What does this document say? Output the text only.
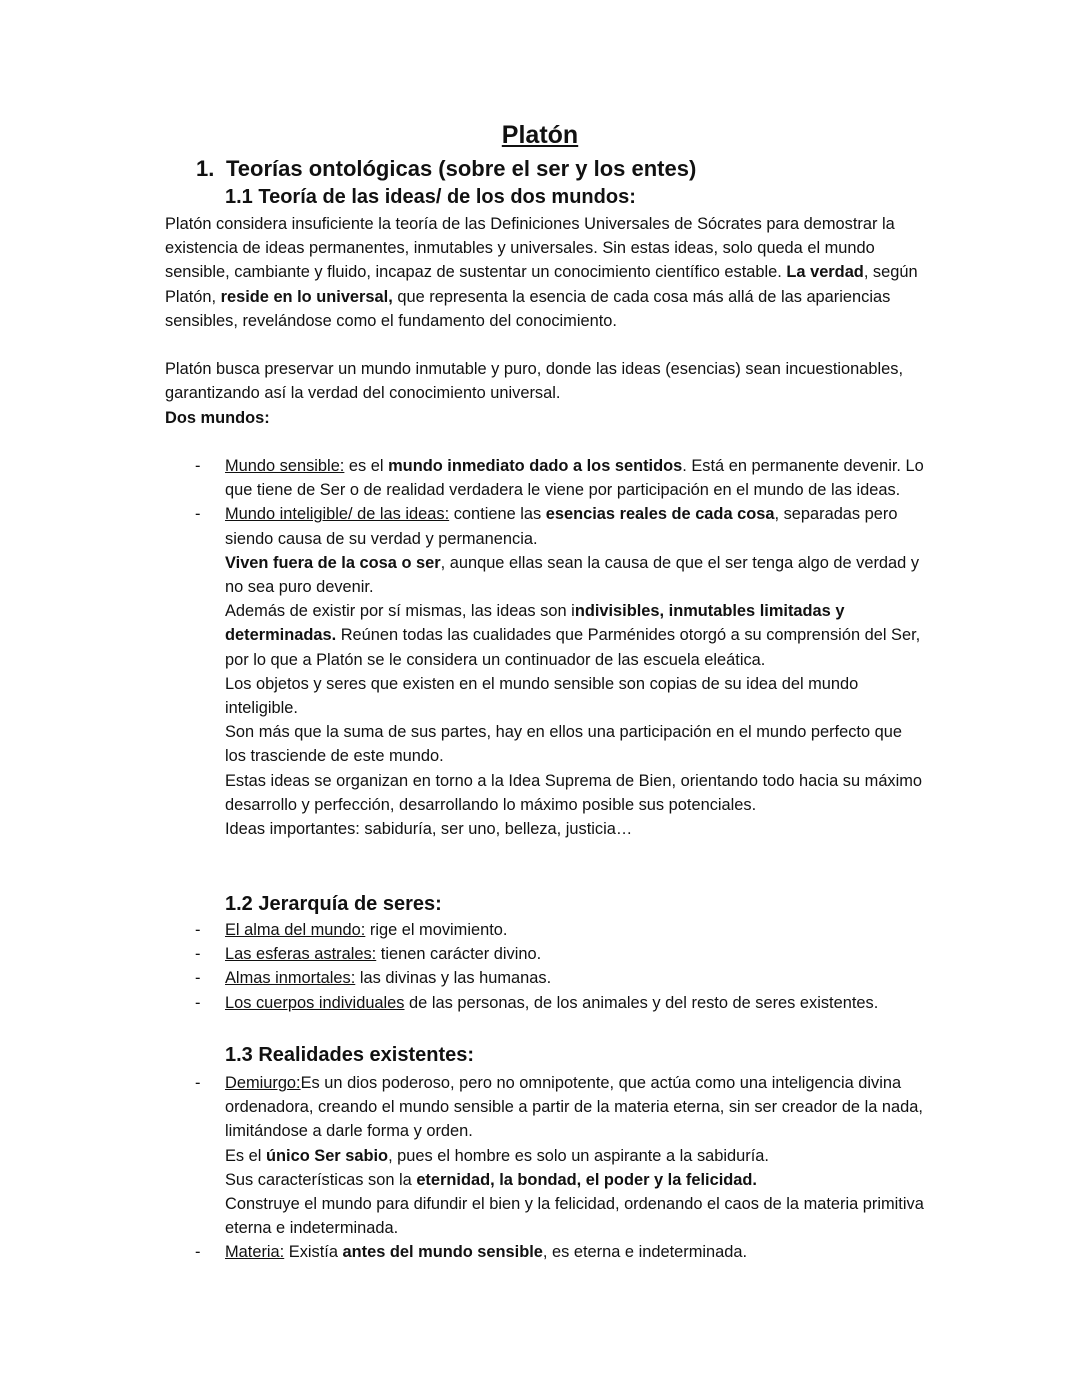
Platón
1. Teorías ontológicas (sobre el ser y los entes)
1.1 Teoría de las ideas/ de los dos mundos:

Platón considera insuficiente la teoría de las Definiciones Universales de Sócrates para demostrar la existencia de ideas permanentes, inmutables y universales. Sin estas ideas, solo queda el mundo sensible, cambiante y fluido, incapaz de sustentar un conocimiento científico estable. La verdad, según Platón, reside en lo universal, que representa la esencia de cada cosa más allá de las apariencias sensibles, revelándose como el fundamento del conocimiento.

Platón busca preservar un mundo inmutable y puro, donde las ideas (esencias) sean incuestionables, garantizando así la verdad del conocimiento universal.

Dos mundos:

- Mundo sensible: es el mundo inmediato dado a los sentidos. Está en permanente devenir. Lo que tiene de Ser o de realidad verdadera le viene por participación en el mundo de las ideas.

- Mundo inteligible/ de las ideas: contiene las esencias reales de cada cosa, separadas pero siendo causa de su verdad y permanencia.

Viven fuera de la cosa o ser, aunque ellas sean la causa de que el ser tenga algo de verdad y no sea puro devenir.

Además de existir por sí mismas, las ideas son indivisibles, inmutables limitadas y determinadas. Reúnen todas las cualidades que Parménides otorgó a su comprensión del Ser, por lo que a Platón se le considera un continuador de las escuela eleática.

Los objetos y seres que existen en el mundo sensible son copias de su idea del mundo inteligible.

Son más que la suma de sus partes, hay en ellos una participación en el mundo perfecto que los trasciende de este mundo.

Estas ideas se organizan en torno a la Idea Suprema de Bien, orientando todo hacia su máximo desarrollo y perfección, desarrollando lo máximo posible sus potenciales.

Ideas importantes: sabiduría, ser uno, belleza, justicia…

1.2 Jerarquía de seres:
- El alma del mundo: rige el movimiento.

- Las esferas astrales: tienen carácter divino.

- Almas inmortales: las divinas y las humanas.

- Los cuerpos individuales de las personas, de los animales y del resto de seres existentes.

1.3 Realidades existentes:
- Demiurgo:Es un dios poderoso, pero no omnipotente, que actúa como una inteligencia divina ordenadora, creando el mundo sensible a partir de la materia eterna, sin ser creador de la nada, limitándose a darle forma y orden.

Es el único Ser sabio, pues el hombre es solo un aspirante a la sabiduría.

Sus características son la eternidad, la bondad, el poder y la felicidad.

Construye el mundo para difundir el bien y la felicidad, ordenando el caos de la materia primitiva eterna e indeterminada.

- Materia: Existía antes del mundo sensible, es eterna e indeterminada.
